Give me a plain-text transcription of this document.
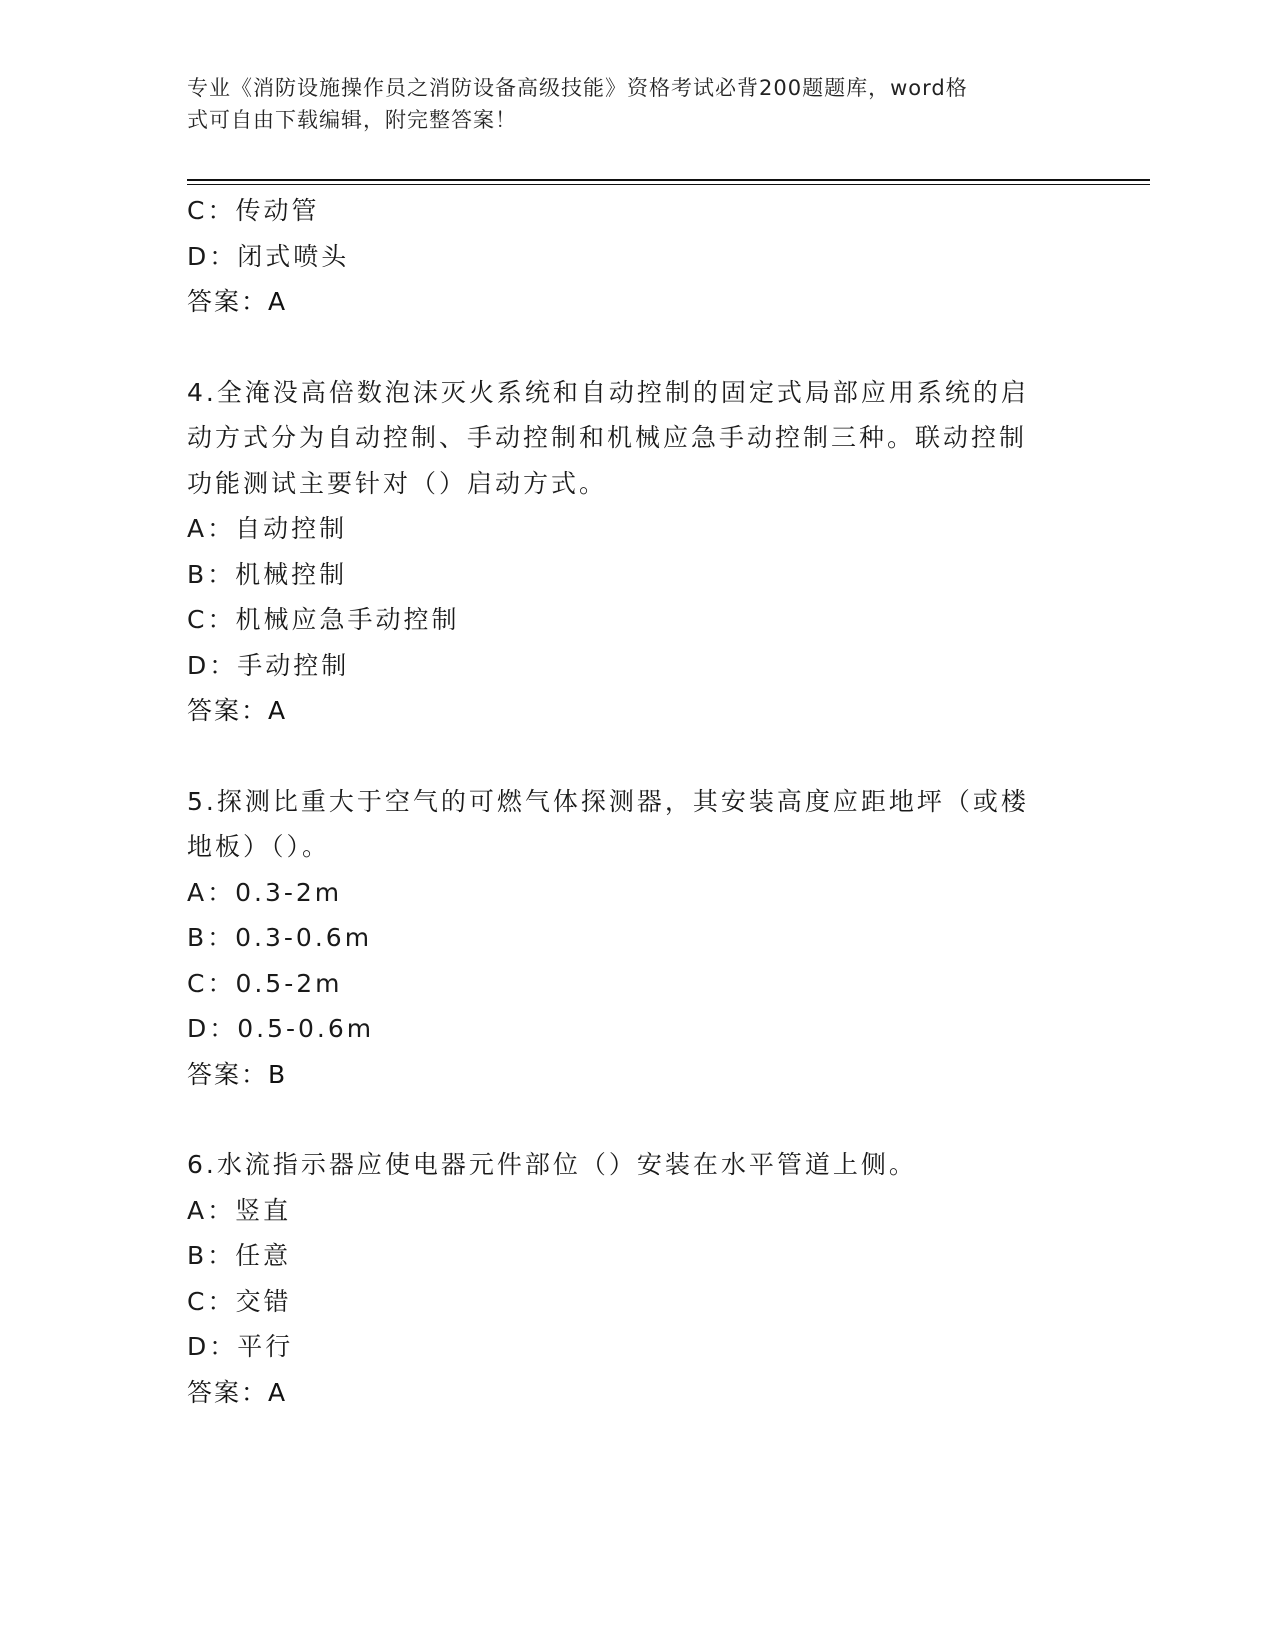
专业《消防设施操作员之消防设备高级技能》资格考试必背200题题库，word格
式可自由下载编辑，附完整答案！
C：传动管
D：闭式喷头
答案：A
4.全淹没高倍数泡沫灭火系统和自动控制的固定式局部应用系统的启
动方式分为自动控制、手动控制和机械应急手动控制三种。联动控制
功能测试主要针对（）启动方式。
A：自动控制
B：机械控制
C：机械应急手动控制
D：手动控制
答案：A
5.探测比重大于空气的可燃气体探测器，其安装高度应距地坪（或楼
地板）（）。
A：0.3-2m
B：0.3-0.6m
C：0.5-2m
D：0.5-0.6m
答案：B
6.水流指示器应使电器元件部位（）安装在水平管道上侧。
A：竖直
B：任意
C：交错
D：平行
答案：A
